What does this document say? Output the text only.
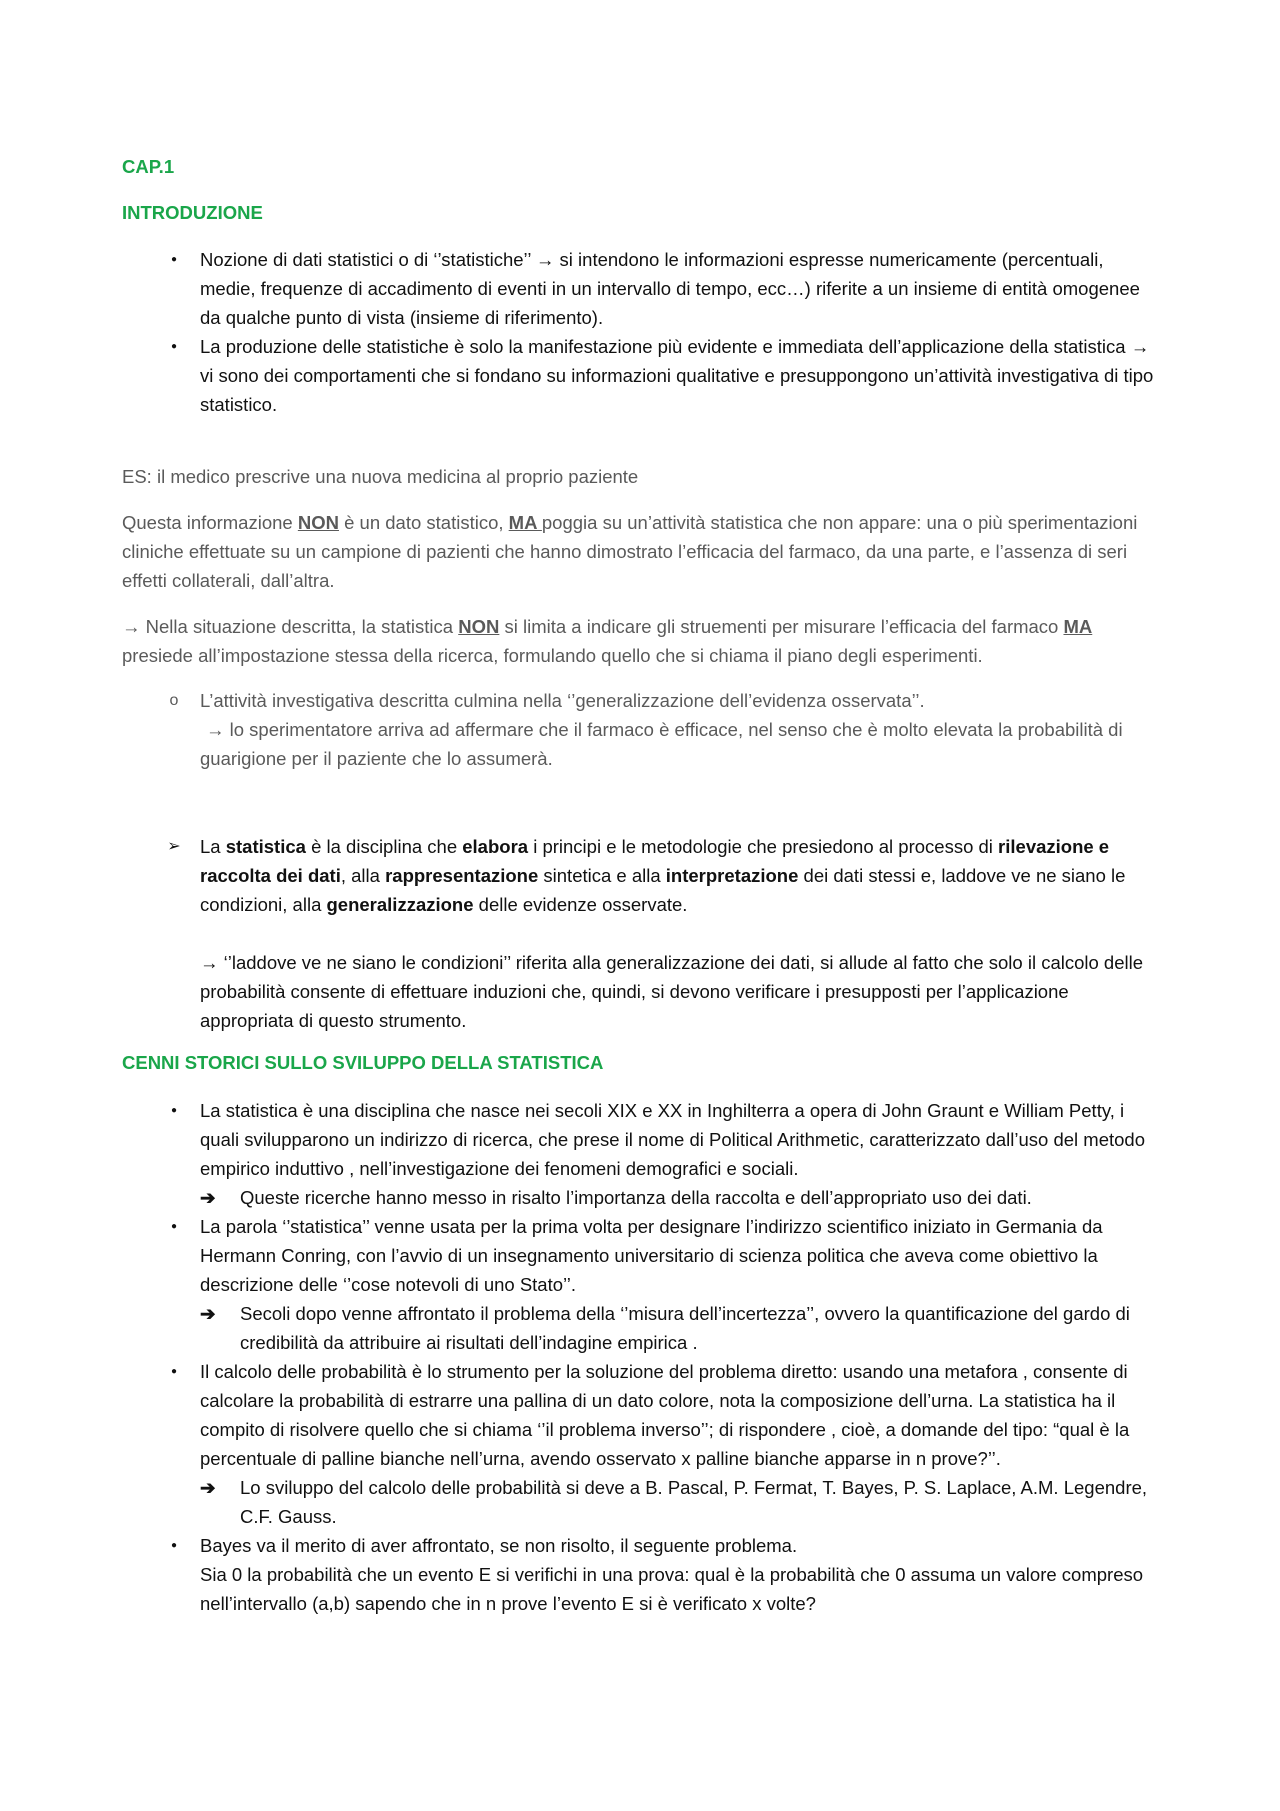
CAP.1

INTRODUZIONE

●	Nozione di dati statistici o di ‘’statistiche’’ → si intendono le informazioni espresse numericamente (percentuali, medie, frequenze di accadimento di eventi in un intervallo di tempo, ecc…) riferite a un insieme di entità omogenee da qualche punto di vista (insieme di riferimento).
●	La produzione delle statistiche è solo la manifestazione più evidente e immediata dell’applicazione della statistica → vi sono dei comportamenti che si fondano su informazioni qualitative e presuppongono un’attività investigativa di tipo statistico.

ES: il medico prescrive una nuova medicina al proprio paziente

Questa informazione NON è un dato statistico, MA poggia su un’attività statistica che non appare: una o più sperimentazioni cliniche effettuate su un campione di pazienti che hanno dimostrato l’efficacia del farmaco, da una parte, e l’assenza di seri effetti collaterali, dall’altra.

→ Nella situazione descritta, la statistica NON si limita a indicare gli struementi per misurare l’efficacia del farmaco MA presiede all’impostazione stessa della ricerca, formulando quello che si chiama il piano degli esperimenti.

o L’attività investigativa descritta culmina nella ‘’generalizzazione dell’evidenza osservata’’.
→ lo sperimentatore arriva ad affermare che il farmaco è efficace, nel senso che è molto elevata la probabilità di guarigione per il paziente che lo assumerà.
➢ La statistica è la disciplina che elabora i principi e le metodologie che presiedono al processo di rilevazione e raccolta dei dati, alla rappresentazione sintetica e alla interpretazione dei dati stessi e, laddove ve ne siano le condizioni, alla generalizzazione delle evidenze osservate.
→ ‘’laddove ve ne siano le condizioni’’ riferita alla generalizzazione dei dati, si allude al fatto che solo il calcolo delle probabilità consente di effettuare induzioni che, quindi, si devono verificare i presupposti per l’applicazione appropriata di questo strumento.

CENNI STORICI SULLO SVILUPPO DELLA STATISTICA

●	La statistica è una disciplina che nasce nei secoli XIX e XX in Inghilterra a opera di John Graunt e William Petty, i quali svilupparono un indirizzo di ricerca, che prese il nome di Political Arithmetic, caratterizzato dall’uso del metodo empirico induttivo , nell’investigazione dei fenomeni demografici e sociali.
➔ Queste ricerche hanno messo in risalto l’importanza della raccolta e dell’appropriato uso dei dati.
●	La parola ‘’statistica’’ venne usata per la prima volta per designare l’indirizzo scientifico iniziato in Germania da Hermann Conring, con l’avvio di un insegnamento universitario di scienza politica che aveva come obiettivo la descrizione delle ‘’cose notevoli di uno Stato’’.
➔ Secoli dopo venne affrontato il problema della ‘’misura dell’incertezza’’, ovvero la quantificazione del gardo di credibilità da attribuire ai risultati dell’indagine empirica .
●	Il calcolo delle probabilità è lo strumento per la soluzione del problema diretto: usando una metafora , consente di calcolare la probabilità di estrarre una pallina di un dato colore, nota la composizione dell’urna. La statistica ha il compito di risolvere quello che si chiama ‘’il problema inverso’’; di rispondere , cioè, a domande del tipo: “qual è la percentuale di palline bianche nell’urna, avendo osservato x palline bianche apparse in n prove?’’.
➔ Lo sviluppo del calcolo delle probabilità si deve a B. Pascal, P. Fermat, T. Bayes, P. S. Laplace, A.M. Legendre, C.F. Gauss.
●	Bayes va il merito di aver affrontato, se non risolto, il seguente problema.
Sia 0 la probabilità che un evento E si verifichi in una prova: qual è la probabilità che 0 assuma un valore compreso nell’intervallo (a,b) sapendo che in n prove l’evento E si è verificato x volte?
